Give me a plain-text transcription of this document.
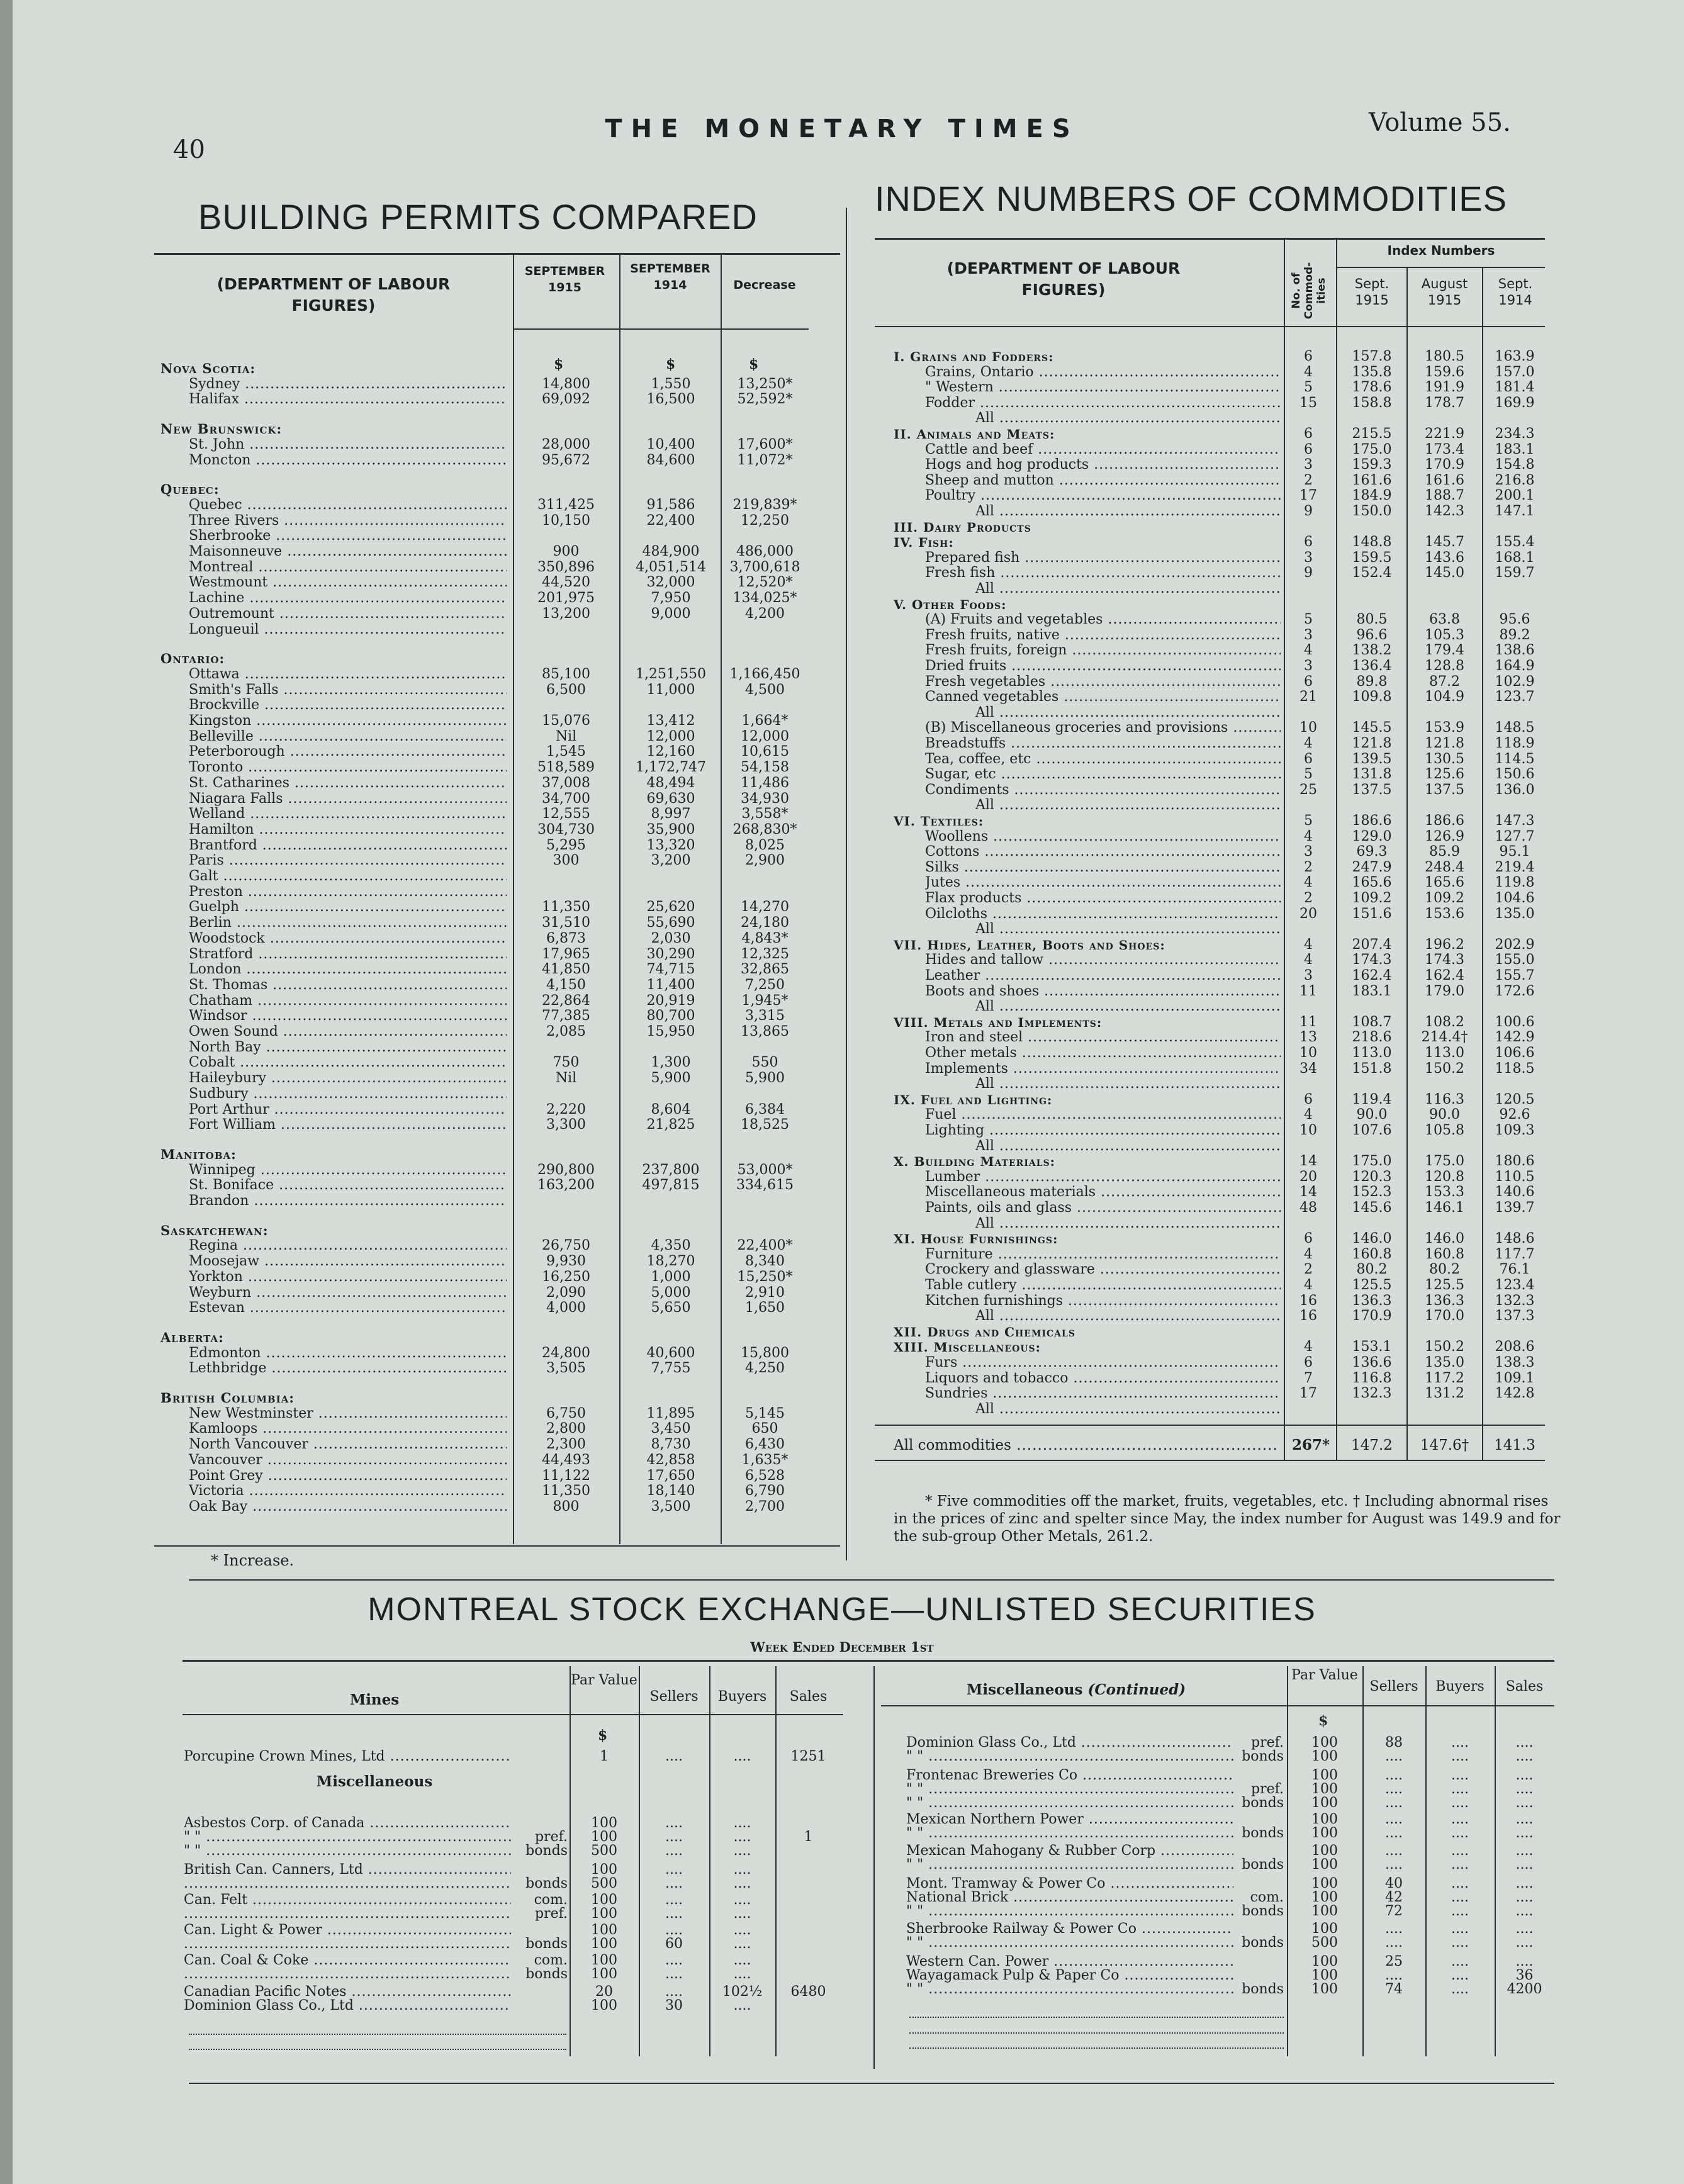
40
THE MONETARY TIMES	Volume 55.
BUILDING PERMITS COMPARED
(DEPARTMENT OF LABOUR FIGURES)
SEPTEMBER 1915
SEPTEMBER 1914	Decrease
$	$	$
Nova Scotia:
Sydney .....	14,800	1,550	13,250*
Halifax .....	69,092	16,500	52,592*
New Brunswick:
St. John .....	28,000	10,400	17,600*
Moncton .....	95,672	84,600	11,072*
Quebec:
Quebec .....	311,425	91,586	219,839*
Three Rivers .....	10,150	22,400	12,250
Sherbrooke .....
Maisonneuve .....	900	484,900	486,000
Montreal .....	350,896	4,051,514	3,700,618
Westmount .....	44,520	32,000	12,520*
Lachine .....	201,975	7,950	134,025*
Outremount .....	13,200	9,000	4,200
Longueuil .....
Ontario:
Ottawa .....	85,100	1,251,550	1,166,450
Smith's Falls .....	6,500	11,000	4,500
Brockville .....
Kingston .....	15,076	13,412	1,664*
Belleville .....	Nil	12,000	12,000
Peterborough .....	1,545	12,160	10,615
Toronto .....	518,589	1,172,747	54,158
St. Catharines .....	37,008	48,494	11,486
Niagara Falls .....	34,700	69,630	34,930
Welland .....	12,555	8,997	3,558*
Hamilton .....	304,730	35,900	268,830*
Brantford .....	5,295	13,320	8,025
Paris .....	300	3,200	2,900
Galt .....
Preston .....
Guelph .....	11,350	25,620	14,270
Berlin .....	31,510	55,690	24,180
Woodstock .....	6,873	2,030	4,843*
Stratford .....	17,965	30,290	12,325
London .....	41,850	74,715	32,865
St. Thomas .....	4,150	11,400	7,250
Chatham .....	22,864	20,919	1,945*
Windsor .....	77,385	80,700	3,315
Owen Sound .....	2,085	15,950	13,865
North Bay .....
Cobalt .....	750	1,300	550
Haileybury .....	Nil	5,900	5,900
Sudbury .....
Port Arthur .....	2,220	8,604	6,384
Fort William .....	3,300	21,825	18,525
Manitoba:
Winnipeg .....	290,800	237,800	53,000*
St. Boniface .....	163,200	497,815	334,615
Brandon .....
Saskatchewan:
Regina .....	26,750	4,350	22,400*
Moosejaw .....	9,930	18,270	8,340
Yorkton .....	16,250	1,000	15,250*
Weyburn .....	2,090	5,000	2,910
Estevan .....	4,000	5,650	1,650
Alberta:
Edmonton .....	24,800	40,600	15,800
Lethbridge .....	3,505	7,755	4,250
British Columbia:
New Westminster .....	6,750	11,895	5,145
Kamloops .....	2,800	3,450	650
North Vancouver .....	2,300	8,730	6,430
Vancouver .....	44,493	42,858	1,635*
Point Grey .....	11,122	17,650	6,528
Victoria .....	11,350	18,140	6,790
Oak Bay .....	800	3,500	2,700
* Increase.
INDEX NUMBERS OF COMMODITIES
(DEPARTMENT OF LABOUR FIGURES)	No. of Commod-ities
Index Numbers
Sept. 1915
August 1915
Sept. 1914
I. Grains and Fodders:	6	157.8	180.5	163.9
Grains, Ontario .....	4	135.8	159.6	157.0
" Western .....	5	178.6	191.9	181.4
Fodder .....	15	158.8	178.7	169.9
All .....
II. Animals and Meats:	6	215.5	221.9	234.3
Cattle and beef .....	6	175.0	173.4	183.1
Hogs and hog products .....	3	159.3	170.9	154.8
Sheep and mutton .....	2	161.6	161.6	216.8
Poultry .....	17	184.9	188.7	200.1
All .....	9	150.0	142.3	147.1
III. Dairy Products
IV. Fish:	6	148.8	145.7	155.4
Prepared fish .....	3	159.5	143.6	168.1
Fresh fish .....	9	152.4	145.0	159.7
All .....
V. Other Foods:
(A) Fruits and vegetables .....	5	80.5	63.8	95.6
Fresh fruits, native .....	3	96.6	105.3	89.2
Fresh fruits, foreign .....	4	138.2	179.4	138.6
Dried fruits .....	3	136.4	128.8	164.9
Fresh vegetables .....	6	89.8	87.2	102.9
Canned vegetables .....	21	109.8	104.9	123.7
All .....
(B) Miscellaneous groceries and provisions .....	10	145.5	153.9	148.5
Breadstuffs .....	4	121.8	121.8	118.9
Tea, coffee, etc .....	6	139.5	130.5	114.5
Sugar, etc .....	5	131.8	125.6	150.6
Condiments .....	25	137.5	137.5	136.0
All .....
VI. Textiles:	5	186.6	186.6	147.3
Woollens .....	4	129.0	126.9	127.7
Cottons .....	3	69.3	85.9	95.1
Silks .....	2	247.9	248.4	219.4
Jutes .....	4	165.6	165.6	119.8
Flax products .....	2	109.2	109.2	104.6
Oilcloths .....	20	151.6	153.6	135.0
All .....
VII. Hides, Leather, Boots and Shoes:	4	207.4	196.2	202.9
Hides and tallow .....	4	174.3	174.3	155.0
Leather .....	3	162.4	162.4	155.7
Boots and shoes .....	11	183.1	179.0	172.6
All .....
VIII. Metals and Implements:	11	108.7	108.2	100.6
Iron and steel .....	13	218.6	214.4†	142.9
Other metals .....	10	113.0	113.0	106.6
Implements .....	34	151.8	150.2	118.5
All .....
IX. Fuel and Lighting:	6	119.4	116.3	120.5
Fuel .....	4	90.0	90.0	92.6
Lighting .....	10	107.6	105.8	109.3
All .....
X. Building Materials:	14	175.0	175.0	180.6
Lumber .....	20	120.3	120.8	110.5
Miscellaneous materials .....	14	152.3	153.3	140.6
Paints, oils and glass .....	48	145.6	146.1	139.7
All .....
XI. House Furnishings:	6	146.0	146.0	148.6
Furniture .....	4	160.8	160.8	117.7
Crockery and glassware .....	2	80.2	80.2	76.1
Table cutlery .....	4	125.5	125.5	123.4
Kitchen furnishings .....	16	136.3	136.3	132.3
All .....	16	170.9	170.0	137.3
XII. Drugs and Chemicals
XIII. Miscellaneous:	4	153.1	150.2	208.6
Furs .....	6	136.6	135.0	138.3
Liquors and tobacco .....	7	116.8	117.2	109.1
Sundries .....	17	132.3	131.2	142.8
All .....
All commodities .....	267*	147.2	147.6†	141.3
* Five commodities off the market, fruits, vegetables, etc. † Including abnormal rises in the prices of zinc and spelter since May, the index number for August was 149.9 and for the sub-group Other Metals, 261.2.
MONTREAL STOCK EXCHANGE—UNLISTED SECURITIES
Week Ended December 1st
Mines
Par Value
Sellers	Buyers	Sales	Miscellaneous (Continued)
Par Value
Sellers	Buyers	Sales
$
$
Miscellaneous
Porcupine Crown Mines, Ltd .....	1	....	....	1251
Asbestos Corp. of Canada .....	100	....	....
" " .....	pref.	100	....	....	1
" " .....	bonds	500	....	....
British Can. Canners, Ltd .....	100	....	....
.....
bonds	500	....	....
Can. Felt .....	com.	100	....	....
.....
pref.	100	....	....
Can. Light & Power .....	100	....	....
.....
bonds	100	60	....
Can. Coal & Coke .....	com.	100	....	....
.....
bonds	100	....	....
Canadian Pacific Notes .....	20	....	102½	6480
Dominion Glass Co., Ltd .....	100	30	....
Dominion Glass Co., Ltd .....	pref.	100	88	....	....
" " .....	bonds	100	....	....	....
Frontenac Breweries Co .....	100	....	....	....
" " .....	pref.	100	....	....	....
" " .....	bonds	100	....	....	....
Mexican Northern Power .....	100	....	....	....
" " .....	bonds	100	....	....	....
Mexican Mahogany & Rubber Corp .....	100	....	....	....
" " .....	bonds	100	....	....	....
Mont. Tramway & Power Co .....	100	40	....	....
National Brick .....	com.	100	42	....	....
" " .....	bonds	100	72	....	....
Sherbrooke Railway & Power Co .....	100	....	....	....
" " .....	bonds	500	....	....	....
Western Can. Power .....	100	25	....	....
Wayagamack Pulp & Paper Co .....	100	....	....	36
" " .....	bonds	100	74	....	4200
